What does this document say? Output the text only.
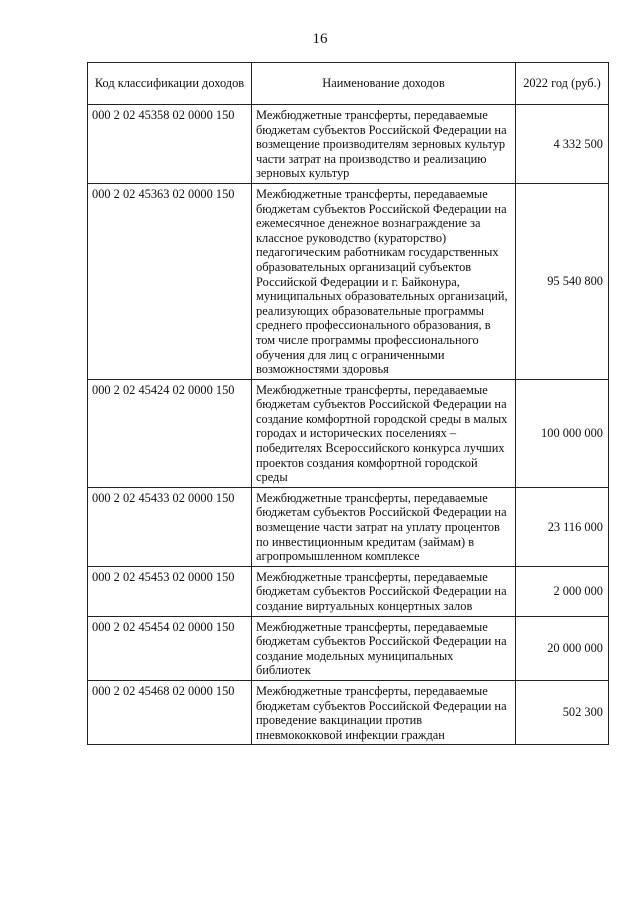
16
Код классификации доходов	Наименование доходов	2022 год (руб.)
000 2 02 45358 02 0000 150	Межбюджетные трансферты, передаваемые бюджетам субъектов Российской Федерации на возмещение производителям зерновых культур части затрат на производство и реализацию зерновых культур	4 332 500
000 2 02 45363 02 0000 150	Межбюджетные трансферты, передаваемые бюджетам субъектов Российской Федерации на ежемесячное денежное вознаграждение за классное руководство (кураторство) педагогическим работникам государственных образовательных организаций субъектов Российской Федерации и г. Байконура, муниципальных образовательных организаций, реализующих образовательные программы среднего профессионального образования, в том числе программы профессионального обучения для лиц с ограниченными возможностями здоровья	95 540 800
000 2 02 45424 02 0000 150	Межбюджетные трансферты, передаваемые бюджетам субъектов Российской Федерации на создание комфортной городской среды в малых городах и исторических поселениях – победителях Всероссийского конкурса лучших проектов создания комфортной городской среды	100 000 000
000 2 02 45433 02 0000 150	Межбюджетные трансферты, передаваемые бюджетам субъектов Российской Федерации на возмещение части затрат на уплату процентов по инвестиционным кредитам (займам) в агропромышленном комплексе	23 116 000
000 2 02 45453 02 0000 150	Межбюджетные трансферты, передаваемые бюджетам субъектов Российской Федерации на создание виртуальных концертных залов	2 000 000
000 2 02 45454 02 0000 150	Межбюджетные трансферты, передаваемые бюджетам субъектов Российской Федерации на создание модельных муниципальных библиотек	20 000 000
000 2 02 45468 02 0000 150	Межбюджетные трансферты, передаваемые бюджетам субъектов Российской Федерации на проведение вакцинации против пневмококковой инфекции граждан	502 300
